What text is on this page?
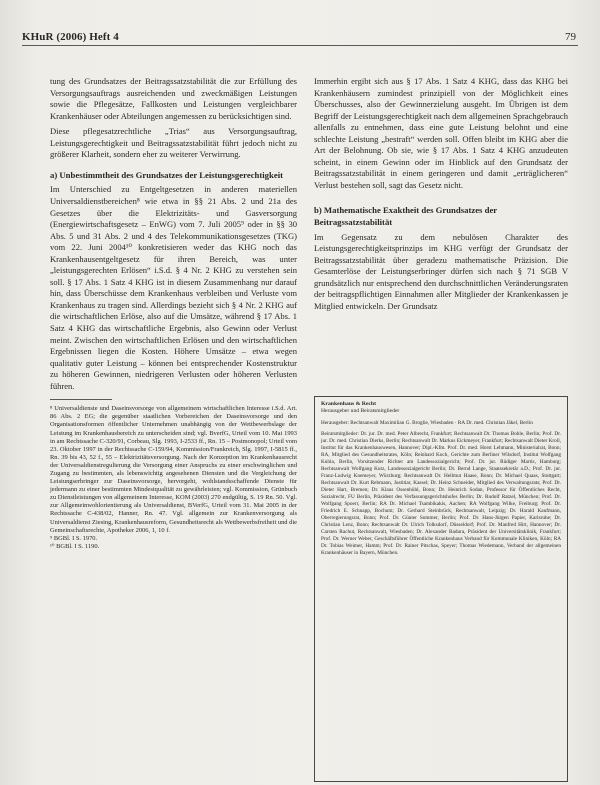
KHuR (2006) Heft 4	79

tung des Grundsatzes der Beitragssatzstabilität die zur Erfüllung des Versorgungsauftrags ausreichenden und zweckmäßigen Leistungen sowie die Pflegesätze, Fallkosten und Leistungen vergleichbarer Krankenhäuser oder Abteilungen angemessen zu berücksichtigen sind.

Diese pflegesatzrechtliche „Trias“ aus Versorgungsauftrag, Leistungsgerechtigkeit und Beitragssatzstabilität führt jedoch nicht zu größerer Klarheit, sondern eher zu weiterer Verwirrung.

a) Unbestimmtheit des Grundsatzes der Leistungsgerechtigkeit

Im Unterschied zu Entgeltgesetzen in anderen materiellen Universaldienstbereichen⁸ wie etwa in §§ 21 Abs. 2 und 21a des Gesetzes über die Elektrizitäts- und Gasversorgung (Energiewirtschaftsgesetz – EnWG) vom 7. Juli 2005⁹ oder in §§ 30 Abs. 5 und 31 Abs. 2 und 4 des Telekommunikationsgesetzes (TKG) vom 22. Juni 2004¹⁰ konkretisieren weder das KHG noch das Krankenhausentgeltgesetz für ihren Bereich, was unter „leistungsgerechten Erlösen“ i.S.d. § 4 Nr. 2 KHG zu verstehen sein soll. § 17 Abs. 1 Satz 4 KHG ist in diesem Zusammenhang nur darauf hin, dass Überschüsse dem Krankenhaus verbleiben und Verluste vom Krankenhaus zu tragen sind. Allerdings bezieht sich § 4 Nr. 2 KHG auf die wirtschaftlichen Erlöse, also auf die Umsätze, während § 17 Abs. 1 Satz 4 KHG das wirtschaftliche Ergebnis, also Gewinn oder Verlust meint. Zwischen den wirtschaftlichen Erlösen und den wirtschaftlichen Ergebnissen liegen die Kosten. Höhere Umsätze – etwa wegen qualitativ guter Leistung – können bei entsprechender Kostenstruktur zu höheren Gewinnen, niedrigeren Verlusten oder höheren Verlusten führen.

⁸ Universaldienste und Daseinsvorsorge von allgemeinem wirtschaftlichen Interesse i.S.d. Art. 86 Abs. 2 EG; die gegenüber staatlichen Vorbereichen der Daseinsvorsorge und den Organisationsformen öffentlicher Unternehmen unabhängig von der Wettbewerbslage der Leistung im Krankenhausbereich zu unterscheiden sind; vgl. BverfG, Urteil vom 10. Mai 1993 in am Rechtssache C-320/91, Corbeau, Slg. 1993, I-2533 ff., Rn. 15 – Postmonopol; Urteil vom 23. Oktober 1997 in der Rechtssache C-159/94, Kommission/Frankreich, Slg. 1997, I-5815 ff., Rn. 39 bis 43, 52 f., 55 – Elektrizitätsversorgung. Nach der Konzeption im Krankenhausrecht der Universaldienstregulierung die Versorgung einer Anspruchs zu einer erschwinglichen und Zugang zu bestimmten, als lebenswichtig angesehenen Diensten und die Vergleichung der Leistungserbringer zur Daseinsvorsorge, hervorgeht, wohlstandsschaffende Dienste für jedermann zu einer bestimmten Mindestqualität zu gewährleisten; vgl. Kommission, Grünbuch zu Dienstleistungen von allgemeinem Interesse, KOM (2003) 270 endgültig, S. 19 Rn. 50. Vgl. zur Allgemeinwohlorientierung als Universaldienst, BVerfG, Urteil vom 31. Mai 2005 in der Rechtssache C-438/02, Hanner, Rn. 47. Vgl. allgemein zur Krankenversorgung als Universaldienst Ziesing, Krankenhausreform, Gesundheitsrecht als Wettbewerbsfreiheit und die Gemeinschaftsrechte, Apotheker 2006, 1, 10 f.

⁹ BGBl. I S. 1970.

¹⁰ BGBl. I S. 1190.

Immerhin ergibt sich aus § 17 Abs. 1 Satz 4 KHG, dass das KHG bei Krankenhäusern zumindest prinzipiell von der Möglichkeit eines Überschusses, also der Gewinnerzielung ausgeht. Im Übrigen ist dem Begriff der Leistungsgerechtigkeit nach dem allgemeinen Sprachgebrauch allenfalls zu entnehmen, dass eine gute Leistung belohnt und eine schlechte Leistung „bestraft“ werden soll. Offen bleibt im KHG aber die Art der Belohnung. Ob sie, wie § 17 Abs. 1 Satz 4 KHG anzudeuten scheint, in einem Gewinn oder im Hinblick auf den Grundsatz der Beitragssatzstabilität in einem geringeren und damit „erträglicheren“ Verlust bestehen soll, sagt das Gesetz nicht.

b) Mathematische Exaktheit des Grundsatzes der Beitragssatzstabilität

Im Gegensatz zu dem nebulösen Charakter des Leistungsgerechtigkeitsprinzips im KHG verfügt der Grundsatz der Beitragssatzstabilität über geradezu mathematische Präzision. Die Gesamterlöse der Leistungserbringer dürfen sich nach § 71 SGB V grundsätzlich nur entsprechend den durchschnittlichen Veränderungsraten der beitragspflichtigen Einnahmen aller Mitglieder der Krankenkassen je Mitglied entwickeln. Der Grundsatz

Krankenhaus & Recht

Herausgeber und Beiratsmitglieder

Herausgeber: Rechtsanwalt Maximilian G. Broglie, Wiesbaden · RA Dr. med. Christian Jäkel, Berlin

Beiratsmitglieder: Dr. jur. Dr. med. Peter Albrecht, Frankfurt; Rechtsanwalt Dr. Thomas Bohle, Berlin; Prof. Dr. jur. Dr. med. Christian Dierks, Berlin; Rechtsanwalt Dr. Markus Eickmeyer, Frankfurt; Rechtsanwalt Dieter Kroll, Institut für das Krankenhauswesen, Hannover; Dipl.-Kfm. Prof. Dr. med. Horst Lehmann, Ministerialrat, Bonn; RA, Mitglied des Gesundheitsrates, Köln; Reinhard Koch, Gerichte zum Berliner Wilsdorf, Institut Wolfgang Kuhla, Berlin, Vorsitzender Richter am Landessozialgericht; Prof. Dr. jur. Rüdiger Martis, Hamburg; Rechtsanwalt Wolfgang Kutz, Landessozialgericht Berlin; Dr. Bernd Lange, Staatssekretär a.D.; Prof. Dr. jur. Franz-Ludwig Knemeyer, Würzburg; Rechtsanwalt Dr. Hellmut Haase, Bonn; Dr. Michael Quaas, Stuttgart; Rechtsanwalt Dr. Kurt Rebmann, Justitiar, Kassel; Dr. Heinz Schneider, Mitglied des Verwaltungsrats; Prof. Dr. Dieter Hart, Bremen; Dr. Klaus Ossenbühl, Bonn; Dr. Heinrich Sodan, Professor für Öffentliches Recht, Sozialrecht, FU Berlin, Präsident des Verfassungsgerichtshofes Berlin; Dr. Rudolf Ratzel, München; Prof. Dr. Wolfgang Spoerr, Berlin; RA Dr. Michael Tsambikakis, Aachen; RA Wolfgang Wilke, Freiburg; Prof. Dr. Friedrich E. Schnapp, Bochum; Dr. Gerhard Steinbrück, Rechtsanwalt, Leipzig; Dr. Harald Kaufmann, Oberregierungsrat, Bonn; Prof. Dr. Günter Sommer, Berlin; Prof. Dr. Hans-Jürgen Papier, Karlsruhe; Dr. Christian Lenz, Bonn; Rechtsanwalt Dr. Ulrich Tolksdorf, Düsseldorf; Prof. Dr. Manfred Hirt, Hannover; Dr. Carsten Rachut, Rechtsanwalt, Wiesbaden; Dr. Alexander Badura, Präsident der Universitätsklinik, Frankfurt; Prof. Dr. Werner Weber, Geschäftsführer Öffentliche Krankenhaus Verband für Kommunale Kliniken, Köln; RA Dr. Tobias Weimer, Hamm; Prof. Dr. Rainer Pitschas, Speyer; Thomas Wiedemann, Verband der allgemeinen Krankenhäuser in Bayern, München.
